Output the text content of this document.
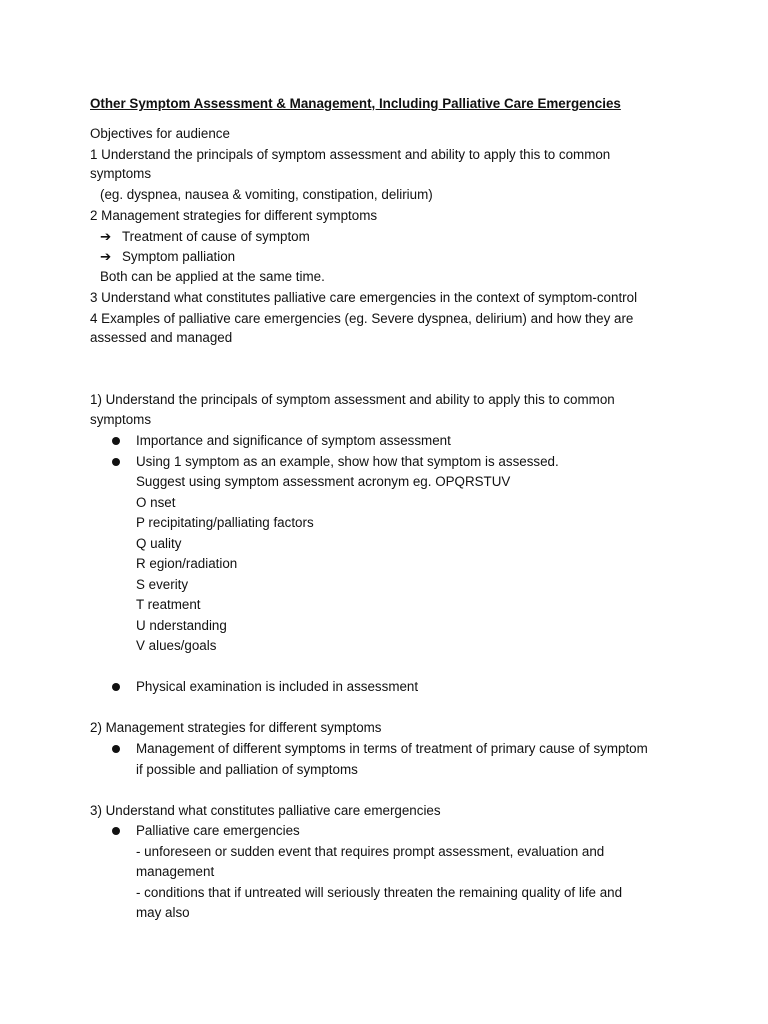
Other Symptom Assessment & Management, Including Palliative Care Emergencies
Objectives for audience
1 Understand the principals of symptom assessment and ability to apply this to common
symptoms
(eg. dyspnea, nausea & vomiting, constipation, delirium)
2 Management strategies for different symptoms
➔ Treatment of cause of symptom
➔ Symptom palliation
Both can be applied at the same time.
3 Understand what constitutes palliative care emergencies in the context of symptom-control
4 Examples of palliative care emergencies (eg. Severe dyspnea, delirium) and how they are
assessed and managed
1) Understand the principals of symptom assessment and ability to apply this to common
symptoms
Importance and significance of symptom assessment
Using 1 symptom as an example, show how that symptom is assessed.
Suggest using symptom assessment acronym eg. OPQRSTUV
O nset
P recipitating/palliating factors
Q uality
R egion/radiation
S everity
T reatment
U nderstanding
V alues/goals
Physical examination is included in assessment
2) Management strategies for different symptoms
Management of different symptoms in terms of treatment of primary cause of symptom
if possible and palliation of symptoms
3) Understand what constitutes palliative care emergencies
Palliative care emergencies
- unforeseen or sudden event that requires prompt assessment, evaluation and
management
- conditions that if untreated will seriously threaten the remaining quality of life and
may also
